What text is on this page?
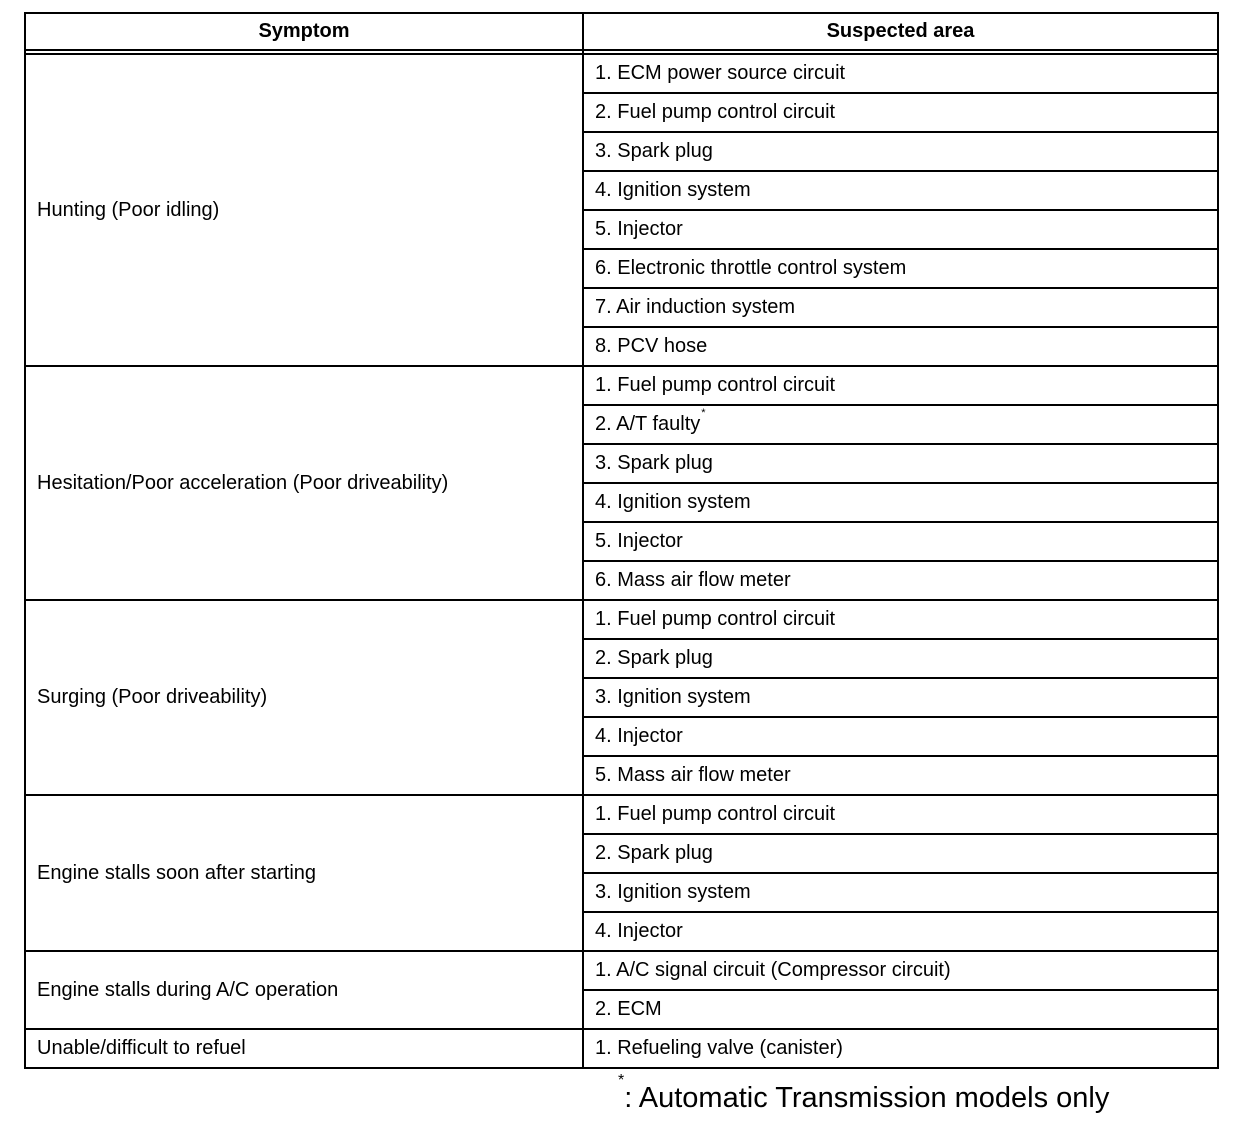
Symptom	Suspected area

Hunting (Poor idling)	1. ECM power source circuit
	2. Fuel pump control circuit
	3. Spark plug
	4. Ignition system
	5. Injector
	6. Electronic throttle control system
	7. Air induction system
	8. PCV hose
Hesitation/Poor acceleration (Poor driveability)	1. Fuel pump control circuit
	2. A/T faulty*
	3. Spark plug
	4. Ignition system
	5. Injector
	6. Mass air flow meter
Surging (Poor driveability)	1. Fuel pump control circuit
	2. Spark plug
	3. Ignition system
	4. Injector
	5. Mass air flow meter
Engine stalls soon after starting	1. Fuel pump control circuit
	2. Spark plug
	3. Ignition system
	4. Injector
Engine stalls during A/C operation	1. A/C signal circuit (Compressor circuit)
	2. ECM
Unable/difficult to refuel	1. Refueling valve (canister)
*: Automatic Transmission models only
